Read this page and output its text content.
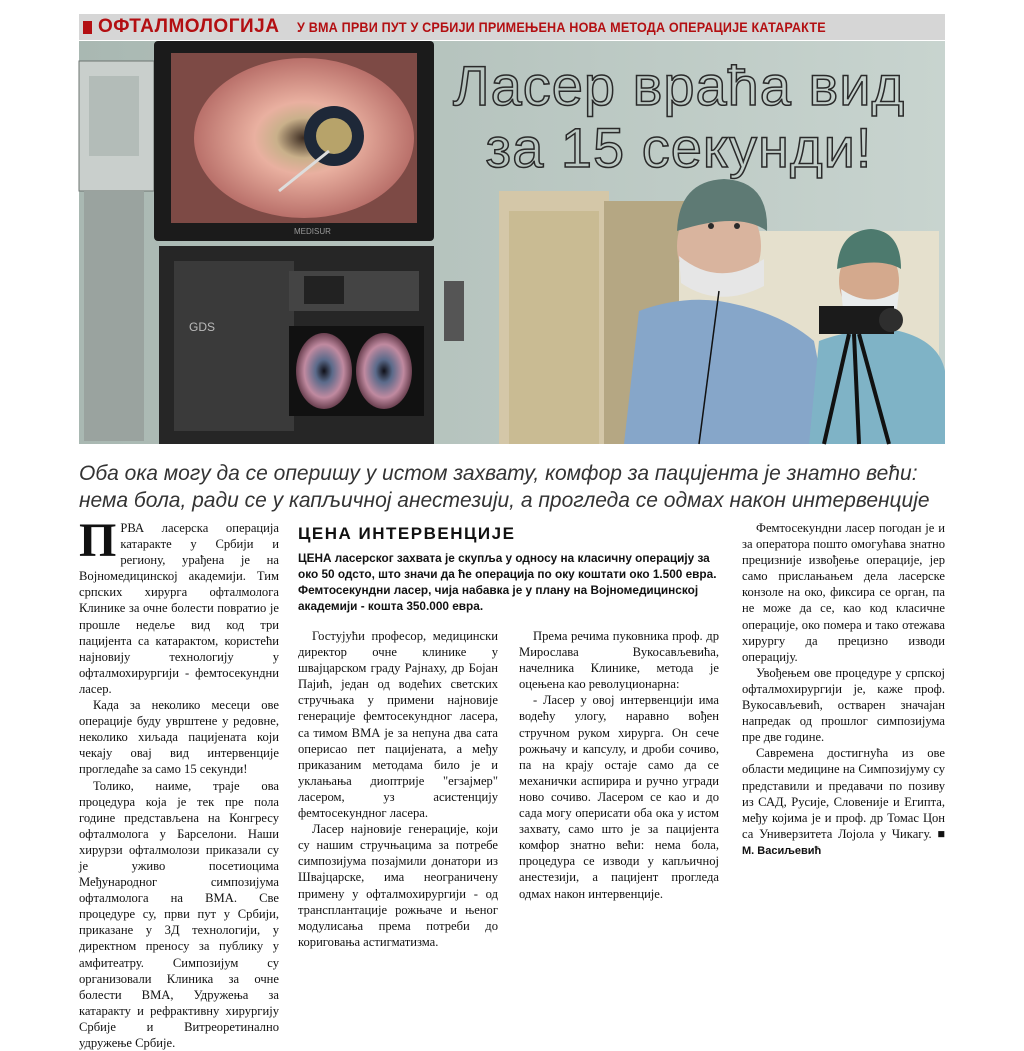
ОФТАЛМОЛОГИЈА У ВМА ПРВИ ПУТ У СРБИЈИ ПРИМЕЊЕНА НОВА МЕТОДА ОПЕРАЦИЈЕ КАТАРАКТЕ
MEDISUR
GDS
Ласер враћа вид
за 15 секунди!
Оба ока могу да се оперишу у истом захвату, комфор за пацијента је знатно већи:
нема бола, ради се у капљичној анестезији, а прогледа се одмах након интервенције
ЦЕНА ИНТЕРВЕНЦИЈЕ
ЦЕНА ласерског захвата је скупља у односу на класичну операцију за око 50 одсто, што значи да ће операција по оку коштати око 1.500 евра. Фемтосекундни ласер, чија набавка је у плану на Војномедицинској академији - кошта 350.000 евра.

ПРВА ласерска операција катаракте у Србији и региону, урађена је на Војномедицинској академији. Тим српских хирурга офталмолога Клинике за очне болести повратио је прошле недеље вид код три пацијента са катарактом, користећи најновију технологију у офталмохирургији - фемтосекундни ласер.

Када за неколико месеци ове операције буду уврштене у редовне, неколико хиљада пацијената који чекају овај вид интервенције прогледаће за само 15 секунди!

Толико, наиме, траје ова процедура која је тек пре пола године представљена на Конгресу офталмолога у Барселони. Наши хирурзи офталмолози приказали су је уживо посетиоцима Међународног симпозијума офталмолога на ВМА. Све процедуре су, први пут у Србији, приказане у 3Д технологији, у директном преносу за публику у амфитеатру. Симпозијум су организовали Клиника за очне болести ВМА, Удружења за катаракту и рефрактивну хирургију Србије и Витреоретинално удружење Србије.

Гостујући професор, медицински директор очне клинике у швајцарском граду Рајнаху, др Бојан Пајић, један од водећих светских стручњака у примени најновије генерације фемтосекундног ласера, са тимом ВМА је за непуна два сата оперисао пет пацијената, а међу приказаним методама било је и уклањања диоптрије "егзајмер" ласером, уз асистенцију фемтосекундног ласера.

Ласер најновије генерације, који су нашим стручњацима за потребе симпозијума позајмили донатори из Швајцарске, има неограничену примену у офталмохирургији - од трансплантације рожњаче и њеног модулисања према потреби до кориговања астигматизма.

Према речима пуковника проф. др Мирослава Вукосављевића, начелника Клинике, метода је оцењена као револуционарна:

- Ласер у овој интервенцији има водећу улогу, наравно вођен стручном руком хирурга. Он сече рожњачу и капсулу, и дроби сочиво, па на крају остаје само да се механички аспирира и ручно угради ново сочиво. Ласером се као и до сада могу оперисати оба ока у истом захвату, само што је за пацијента комфор знатно већи: нема бола, процедура се изводи у капљичној анестезији, а пацијент прогледа одмах након интервенције.

Фемтосекундни ласер погодан је и за оператора пошто омогућава знатно прецизније извођење операције, јер само прислањањем дела ласерске конзоле на око, фиксира се орган, па не може да се, као код класичне операције, око помера и тако отежава хирургу да прецизно изводи операцију.

Увођењем ове процедуре у српској офталмохирургији је, каже проф. Вукосављевић, остварен значајан напредак од прошлог симпозијума пре две године.

Савремена достигнућа из ове области медицине на Симпозијуму су представили и предавачи по позиву из САД, Русије, Словеније и Египта, међу којима је и проф. др Томас Цон са Универзитета Лојола у Чикагу. ■ М. Васиљевић
